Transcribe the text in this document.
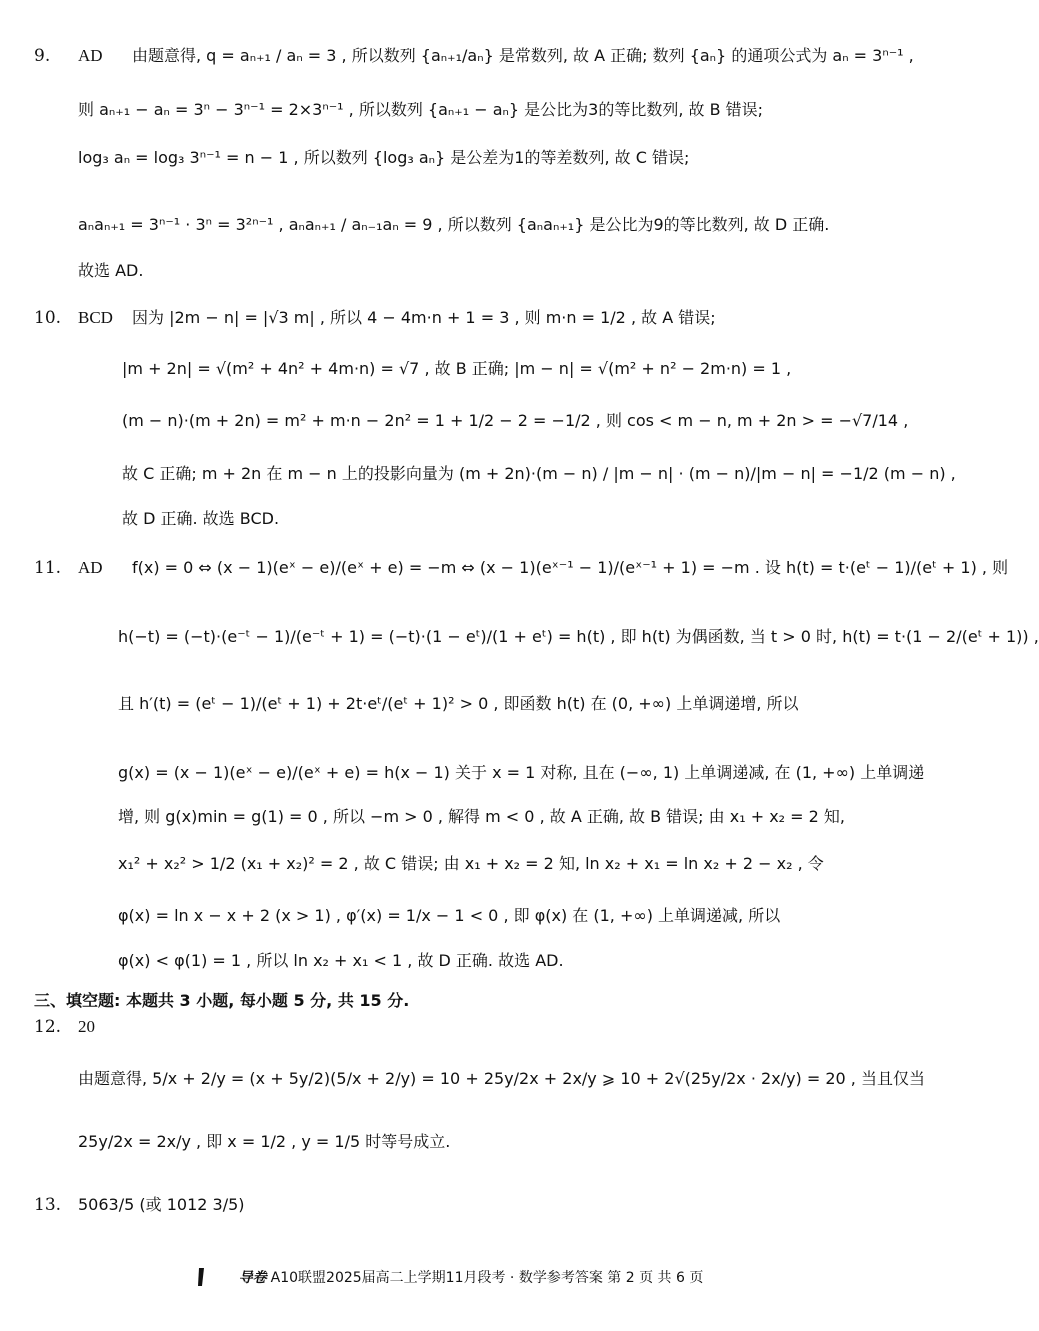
9.	AD	由题意得, q = aₙ₊₁ / aₙ = 3 , 所以数列 {aₙ₊₁/aₙ} 是常数列, 故 A 正确; 数列 {aₙ} 的通项公式为 aₙ = 3ⁿ⁻¹ ,
则 aₙ₊₁ − aₙ = 3ⁿ − 3ⁿ⁻¹ = 2×3ⁿ⁻¹ , 所以数列 {aₙ₊₁ − aₙ} 是公比为3的等比数列, 故 B 错误;
log₃ aₙ = log₃ 3ⁿ⁻¹ = n − 1 , 所以数列 {log₃ aₙ} 是公差为1的等差数列, 故 C 错误;
aₙaₙ₊₁ = 3ⁿ⁻¹ · 3ⁿ = 3²ⁿ⁻¹ , aₙaₙ₊₁ / aₙ₋₁aₙ = 9 , 所以数列 {aₙaₙ₊₁} 是公比为9的等比数列, 故 D 正确.
故选 AD.
10. BCD	因为 |2m − n| = |√3 m| , 所以 4 − 4m·n + 1 = 3 , 则 m·n = 1/2 , 故 A 错误;
|m + 2n| = √(m² + 4n² + 4m·n) = √7 , 故 B 正确; |m − n| = √(m² + n² − 2m·n) = 1 ,
(m − n)·(m + 2n) = m² + m·n − 2n² = 1 + 1/2 − 2 = −1/2 , 则 cos < m − n, m + 2n > = −√7/14 ,
故 C 正确; m + 2n 在 m − n 上的投影向量为 (m + 2n)·(m − n) / |m − n| · (m − n)/|m − n| = −1/2 (m − n) ,
故 D 正确. 故选 BCD.
11. AD	f(x) = 0 ⇔ (x − 1)(eˣ − e)/(eˣ + e) = −m ⇔ (x − 1)(eˣ⁻¹ − 1)/(eˣ⁻¹ + 1) = −m . 设 h(t) = t·(eᵗ − 1)/(eᵗ + 1) , 则
h(−t) = (−t)·(e⁻ᵗ − 1)/(e⁻ᵗ + 1) = (−t)·(1 − eᵗ)/(1 + eᵗ) = h(t) , 即 h(t) 为偶函数, 当 t > 0 时, h(t) = t·(1 − 2/(eᵗ + 1)) ,
且 h′(t) = (eᵗ − 1)/(eᵗ + 1) + 2t·eᵗ/(eᵗ + 1)² > 0 , 即函数 h(t) 在 (0, +∞) 上单调递增, 所以
g(x) = (x − 1)(eˣ − e)/(eˣ + e) = h(x − 1) 关于 x = 1 对称, 且在 (−∞, 1) 上单调递减, 在 (1, +∞) 上单调递
增, 则 g(x)min = g(1) = 0 , 所以 −m > 0 , 解得 m < 0 , 故 A 正确, 故 B 错误; 由 x₁ + x₂ = 2 知,
x₁² + x₂² > 1/2 (x₁ + x₂)² = 2 , 故 C 错误; 由 x₁ + x₂ = 2 知, ln x₂ + x₁ = ln x₂ + 2 − x₂ , 令
φ(x) = ln x − x + 2 (x > 1) , φ′(x) = 1/x − 1 < 0 , 即 φ(x) 在 (1, +∞) 上单调递减, 所以
φ(x) < φ(1) = 1 , 所以 ln x₂ + x₁ < 1 , 故 D 正确. 故选 AD.
三、填空题: 本题共 3 小题, 每小题 5 分, 共 15 分.
12. 20
由题意得, 5/x + 2/y = (x + 5y/2)(5/x + 2/y) = 10 + 25y/2x + 2x/y ⩾ 10 + 2√(25y/2x · 2x/y) = 20 , 当且仅当
25y/2x = 2x/y , 即 x = 1/2 , y = 1/5 时等号成立.
13.	5063/5 (或 1012 3/5)
导卷 A10联盟2025届高二上学期11月段考 · 数学参考答案 第 2 页 共 6 页
